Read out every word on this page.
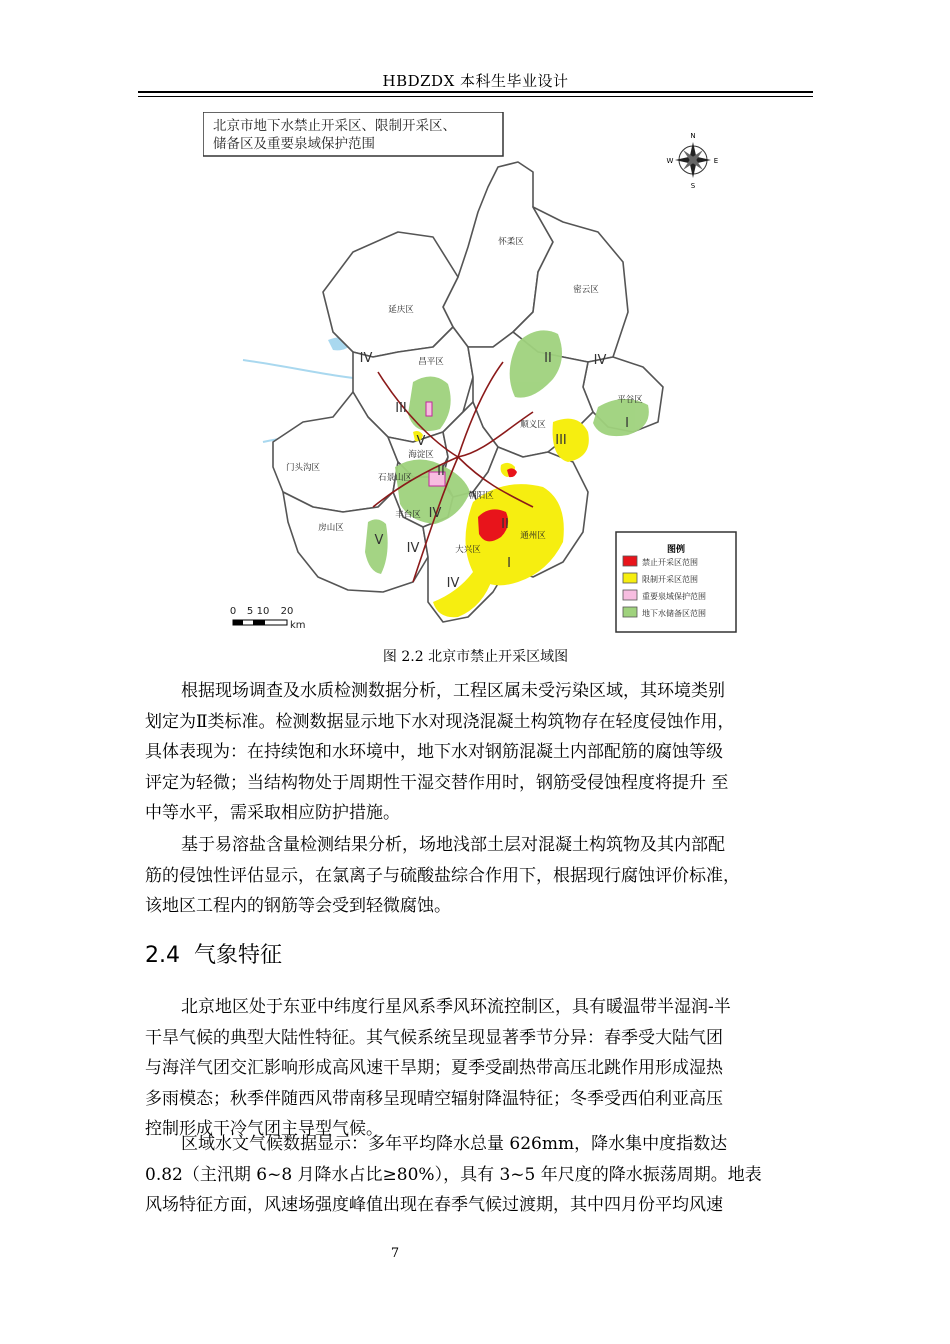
HBDZDX 本科生毕业设计
怀柔区
密云区
延庆区
昌平区
平谷区
顺义区
门头沟区
海淀区
石景山区
朝阳区
丰台区
房山区
大兴区
通州区
II	IV
IV
III
I
III
II
I
IV
V
IV
V
IV
II
北京市地下水禁止开采区、限制开采区、
储备区及重要泉域保护范围	N
S
E
W
0 5 10 20
km
图例
禁止开采区范围
限制开采区范围
重要泉域保护范围
地下水储备区范围
图 2.2 北京市禁止开采区域图
根据现场调查及水质检测数据分析，工程区属未受污染区域，其环境类别
划定为Ⅱ类标准。检测数据显示地下水对现浇混凝土构筑物存在轻度侵蚀作用，
具体表现为：在持续饱和水环境中，地下水对钢筋混凝土内部配筋的腐蚀等级
评定为轻微；当结构物处于周期性干湿交替作用时，钢筋受侵蚀程度将提升 至
中等水平，需采取相应防护措施。
基于易溶盐含量检测结果分析，场地浅部土层对混凝土构筑物及其内部配
筋的侵蚀性评估显示，在氯离子与硫酸盐综合作用下，根据现行腐蚀评价标准，
该地区工程内的钢筋等会受到轻微腐蚀。
2.4 气象特征
北京地区处于东亚中纬度行星风系季风环流控制区，具有暖温带半湿润-半
干旱气候的典型大陆性特征。其气候系统呈现显著季节分异：春季受大陆气团
与海洋气团交汇影响形成高风速干旱期；夏季受副热带高压北跳作用形成湿热
多雨模态；秋季伴随西风带南移呈现晴空辐射降温特征；冬季受西伯利亚高压
控制形成干冷气团主导型气候。
区域水文气候数据显示：多年平均降水总量 626mm，降水集中度指数达
0.82（主汛期 6~8 月降水占比≥80%），具有 3~5 年尺度的降水振荡周期。地表
风场特征方面，风速场强度峰值出现在春季气候过渡期，其中四月份平均风速
7
